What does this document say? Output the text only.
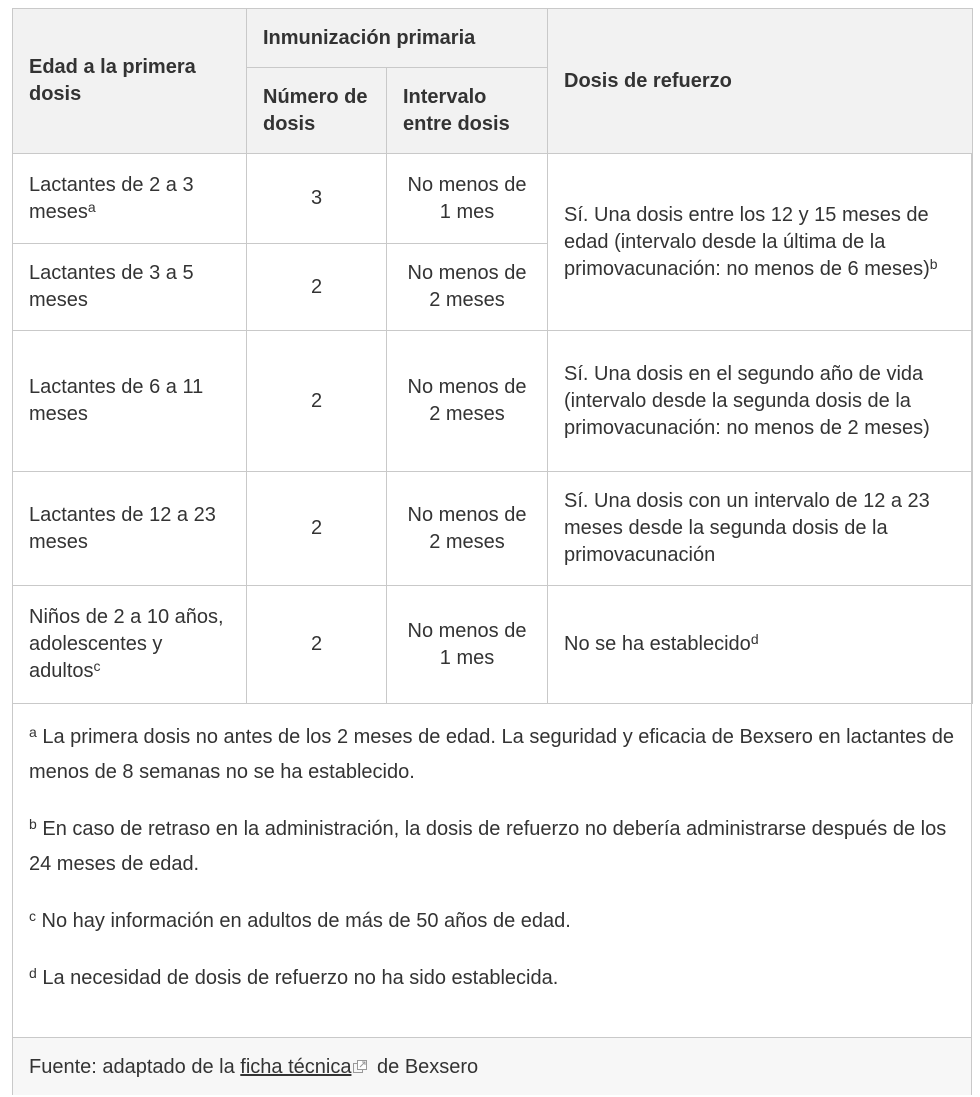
Edad a la primera dosis	Inmunización primaria		Dosis de refuerzo
	Número de dosis	Intervalo entre dosis	
Lactantes de 2 a 3 meses$^a$	3	No menos de 1 mes	Sí. Una dosis entre los 12 y 15 meses de edad (intervalo desde la última de la primovacunación: no menos de 6 meses)$^b$
Lactantes de 3 a 5 meses	2	No menos de 2 meses	
Lactantes de 6 a 11 meses	2	No menos de 2 meses	Sí. Una dosis en el segundo año de vida (intervalo desde la segunda dosis de la primovacunación: no menos de 2 meses)
Lactantes de 12 a 23 meses	2	No menos de 2 meses	Sí. Una dosis con un intervalo de 12 a 23 meses desde la segunda dosis de la primovacunación
Niños de 2 a 10 años, adolescentes y adultos$^c$	2	No menos de 1 mes	No se ha establecido$^d$

$^a$ La primera dosis no antes de los 2 meses de edad. La seguridad y eficacia de Bexsero en lactantes de menos de 8 semanas no se ha establecido.

$^b$ En caso de retraso en la administración, la dosis de refuerzo no debería administrarse después de los 24 meses de edad.

$^c$ No hay información en adultos de más de 50 años de edad.

$^d$ La necesidad de dosis de refuerzo no ha sido establecida.

Fuente: adaptado de la ficha técnica de Bexsero
